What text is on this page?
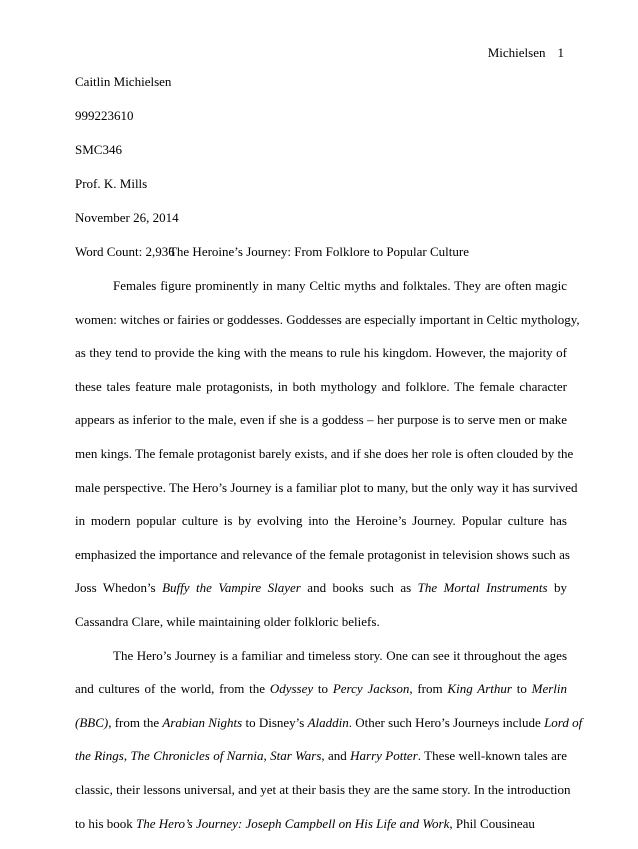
Michielsen 1
Caitlin Michielsen
999223610
SMC346
Prof. K. Mills
November 26, 2014
Word Count: 2,936
The Heroine’s Journey: From Folklore to Popular Culture
Females figure prominently in many Celtic myths and folktales. They are often magic
women: witches or fairies or goddesses. Goddesses are especially important in Celtic mythology,
as they tend to provide the king with the means to rule his kingdom. However, the majority of
these tales feature male protagonists, in both mythology and folklore. The female character
appears as inferior to the male, even if she is a goddess – her purpose is to serve men or make
men kings. The female protagonist barely exists, and if she does her role is often clouded by the
male perspective. The Hero’s Journey is a familiar plot to many, but the only way it has survived
in modern popular culture is by evolving into the Heroine’s Journey. Popular culture has
emphasized the importance and relevance of the female protagonist in television shows such as
Joss Whedon’s Buffy the Vampire Slayer and books such as The Mortal Instruments by
Cassandra Clare, while maintaining older folkloric beliefs.
The Hero’s Journey is a familiar and timeless story. One can see it throughout the ages
and cultures of the world, from the Odyssey to Percy Jackson, from King Arthur to Merlin
(BBC), from the Arabian Nights to Disney’s Aladdin. Other such Hero’s Journeys include Lord of
the Rings, The Chronicles of Narnia, Star Wars, and Harry Potter. These well-known tales are
classic, their lessons universal, and yet at their basis they are the same story. In the introduction
to his book The Hero’s Journey: Joseph Campbell on His Life and Work, Phil Cousineau
